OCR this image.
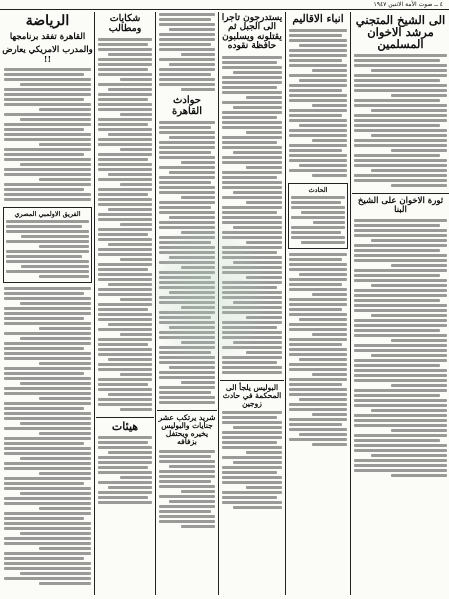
٤ ــ صوت الأمة الاثنين ١٩٤٧
الى الشيخ المتجني مرشد الاخوان المسلمين
ثورة الاخوان على الشيخ البنا
انباء الاقاليم
الحادث
يستدرجون تاجرا الى الجبل ثم يقتلونه ويسلبون حافظة نقوده
البوليس يلجأ الى المحكمة في حادث زوجين
حوادث القاهرة
شريد يرتكب عشر جنايات والبوليس يخيره ويحتفل بزفافه
شكايات ومطالب
هيئات
الرياضة
القاهرة تفقد برنامجها
والمدرب الامريكي يعارض !!
الفريق الاولمبي المصري
